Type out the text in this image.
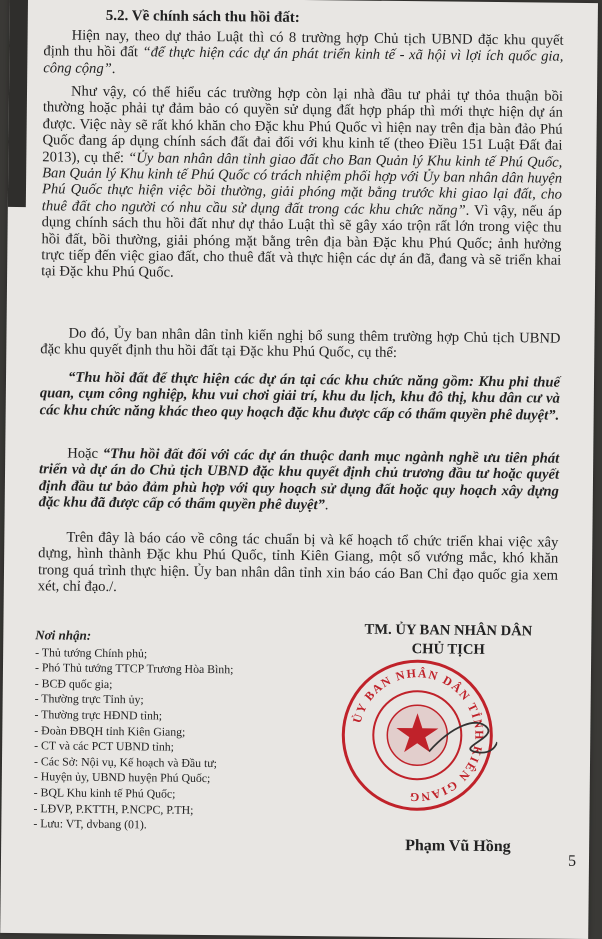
5.2. Về chính sách thu hồi đất:

Hiện nay, theo dự thảo Luật thì có 8 trường hợp Chủ tịch UBND đặc khu quyết định thu hồi đất “để thực hiện các dự án phát triển kinh tế - xã hội vì lợi ích quốc gia, công cộng”.

Như vậy, có thể hiểu các trường hợp còn lại nhà đầu tư phải tự thỏa thuận bồi thường hoặc phải tự đảm bảo có quyền sử dụng đất hợp pháp thì mới thực hiện dự án được. Việc này sẽ rất khó khăn cho Đặc khu Phú Quốc vì hiện nay trên địa bàn đảo Phú Quốc đang áp dụng chính sách đất đai đối với khu kinh tế (theo Điều 151 Luật Đất đai 2013), cụ thể: “Ủy ban nhân dân tỉnh giao đất cho Ban Quản lý Khu kinh tế Phú Quốc, Ban Quản lý Khu kinh tế Phú Quốc có trách nhiệm phối hợp với Ủy ban nhân dân huyện Phú Quốc thực hiện việc bồi thường, giải phóng mặt bằng trước khi giao lại đất, cho thuê đất cho người có nhu cầu sử dụng đất trong các khu chức năng”. Vì vậy, nếu áp dụng chính sách thu hồi đất như dự thảo Luật thì sẽ gây xáo trộn rất lớn trong việc thu hồi đất, bồi thường, giải phóng mặt bằng trên địa bàn Đặc khu Phú Quốc; ảnh hưởng trực tiếp đến việc giao đất, cho thuê đất và thực hiện các dự án đã, đang và sẽ triển khai tại Đặc khu Phú Quốc.

Do đó, Ủy ban nhân dân tỉnh kiến nghị bổ sung thêm trường hợp Chủ tịch UBND đặc khu quyết định thu hồi đất tại Đặc khu Phú Quốc, cụ thể:

“Thu hồi đất để thực hiện các dự án tại các khu chức năng gồm: Khu phi thuế quan, cụm công nghiệp, khu vui chơi giải trí, khu du lịch, khu đô thị, khu dân cư và các khu chức năng khác theo quy hoạch đặc khu được cấp có thẩm quyền phê duyệt”.

Hoặc “Thu hồi đất đối với các dự án thuộc danh mục ngành nghề ưu tiên phát triển và dự án do Chủ tịch UBND đặc khu quyết định chủ trương đầu tư hoặc quyết định đầu tư bảo đảm phù hợp với quy hoạch sử dụng đất hoặc quy hoạch xây dựng đặc khu đã được cấp có thẩm quyền phê duyệt”.

Trên đây là báo cáo về công tác chuẩn bị và kế hoạch tổ chức triển khai việc xây dựng, hình thành Đặc khu Phú Quốc, tỉnh Kiên Giang, một số vướng mắc, khó khăn trong quá trình thực hiện. Ủy ban nhân dân tỉnh xin báo cáo Ban Chỉ đạo quốc gia xem xét, chỉ đạo./.

Nơi nhận:
- Thủ tướng Chính phủ;
- Phó Thủ tướng TTCP Trương Hòa Bình;
- BCĐ quốc gia;
- Thường trực Tỉnh ủy;
- Thường trực HĐND tỉnh;
- Đoàn ĐBQH tỉnh Kiên Giang;
- CT và các PCT UBND tỉnh;
- Các Sở: Nội vụ, Kế hoạch và Đầu tư;
- Huyện ủy, UBND huyện Phú Quốc;
- BQL Khu kinh tế Phú Quốc;
- LĐVP, P.KTTH, P.NCPC, P.TH;
- Lưu: VT, dvbang (01).
TM. ỦY BAN NHÂN DÂN
CHỦ TỊCH
ỦY BAN NHÂN DÂN TỈNH KIÊN GIANG
Phạm Vũ Hồng
5
